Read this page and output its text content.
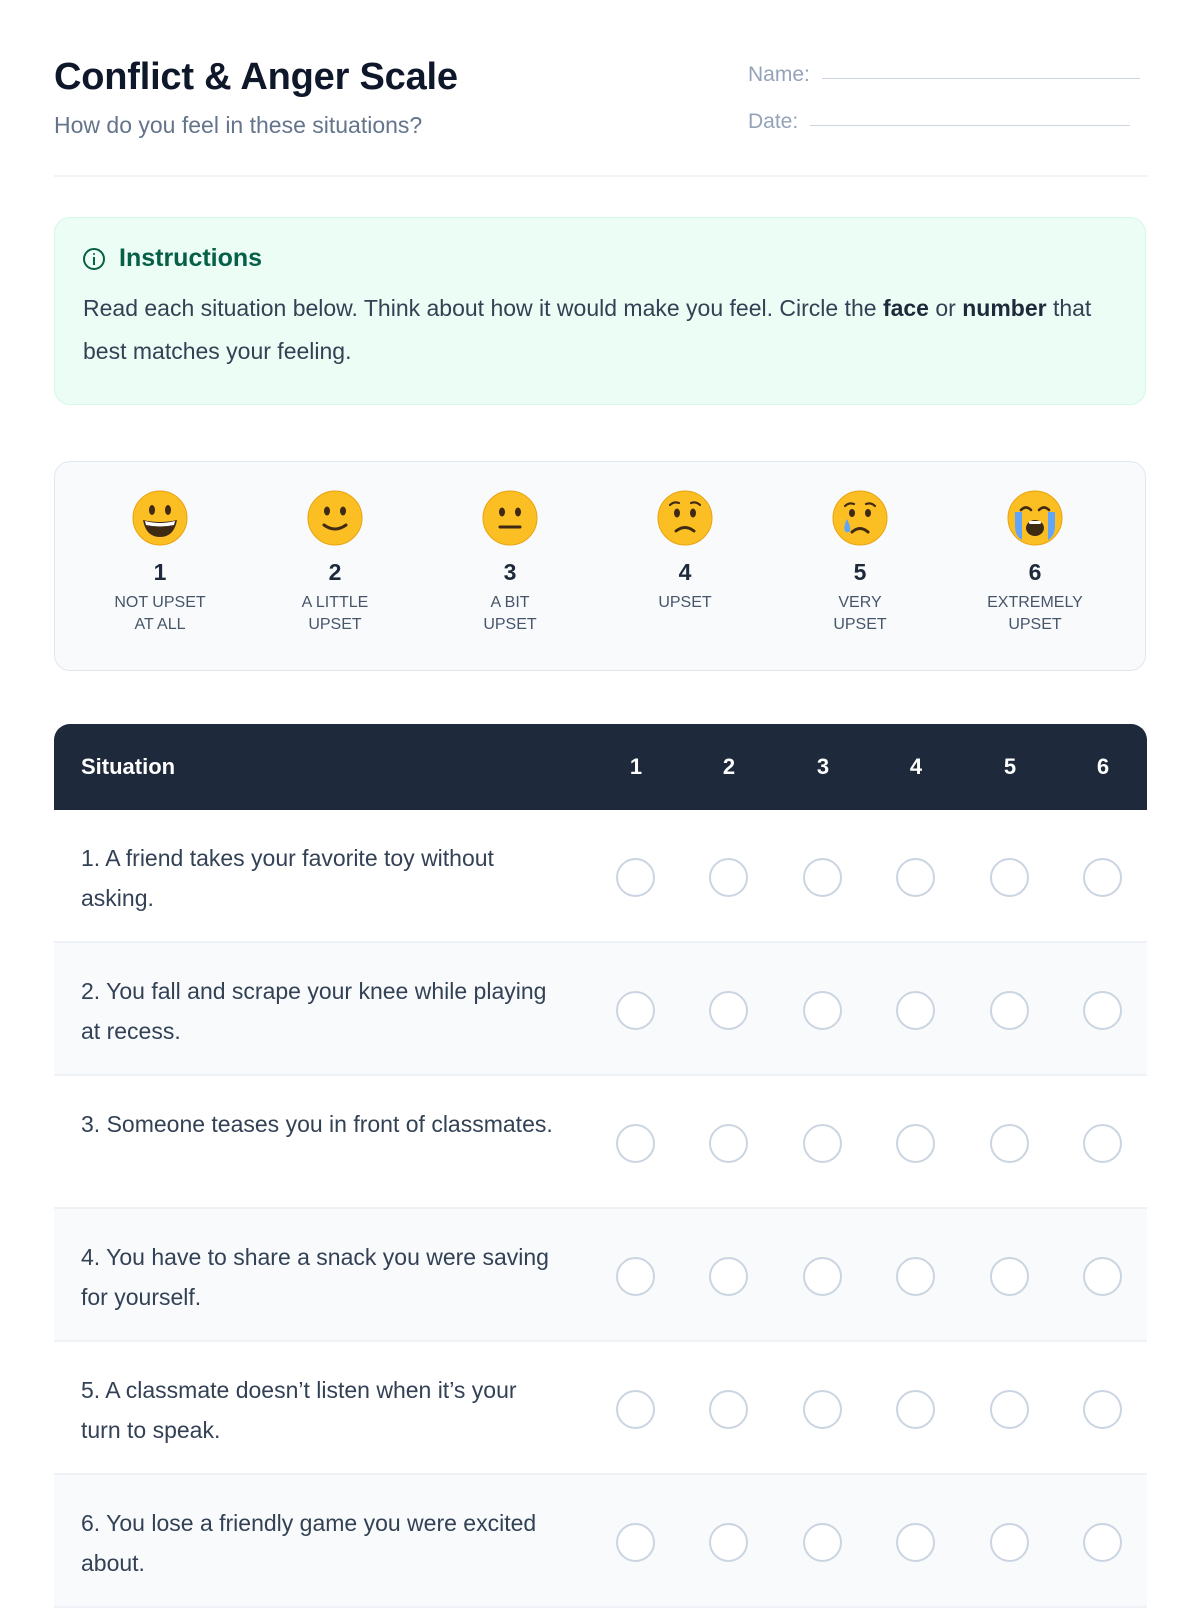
Conflict & Anger Scale

How do you feel in these situations?

Name:
Date:
Instructions
Read each situation below. Think about how it would make you feel. Circle the face or number that best matches your feeling.
1
NOT UPSET
AT ALL
2
A LITTLE
UPSET
3
A BIT
UPSET
4
UPSET
5
VERY
UPSET
6
EXTREMELY
UPSET
Situation	1	2	3	4	5	6
1. A friend takes your favorite toy without asking.
2. You fall and scrape your knee while playing at recess.
3. Someone teases you in front of classmates.
4. You have to share a snack you were saving for yourself.
5. A classmate doesn’t listen when it’s your turn to speak.
6. You lose a friendly game you were excited about.
